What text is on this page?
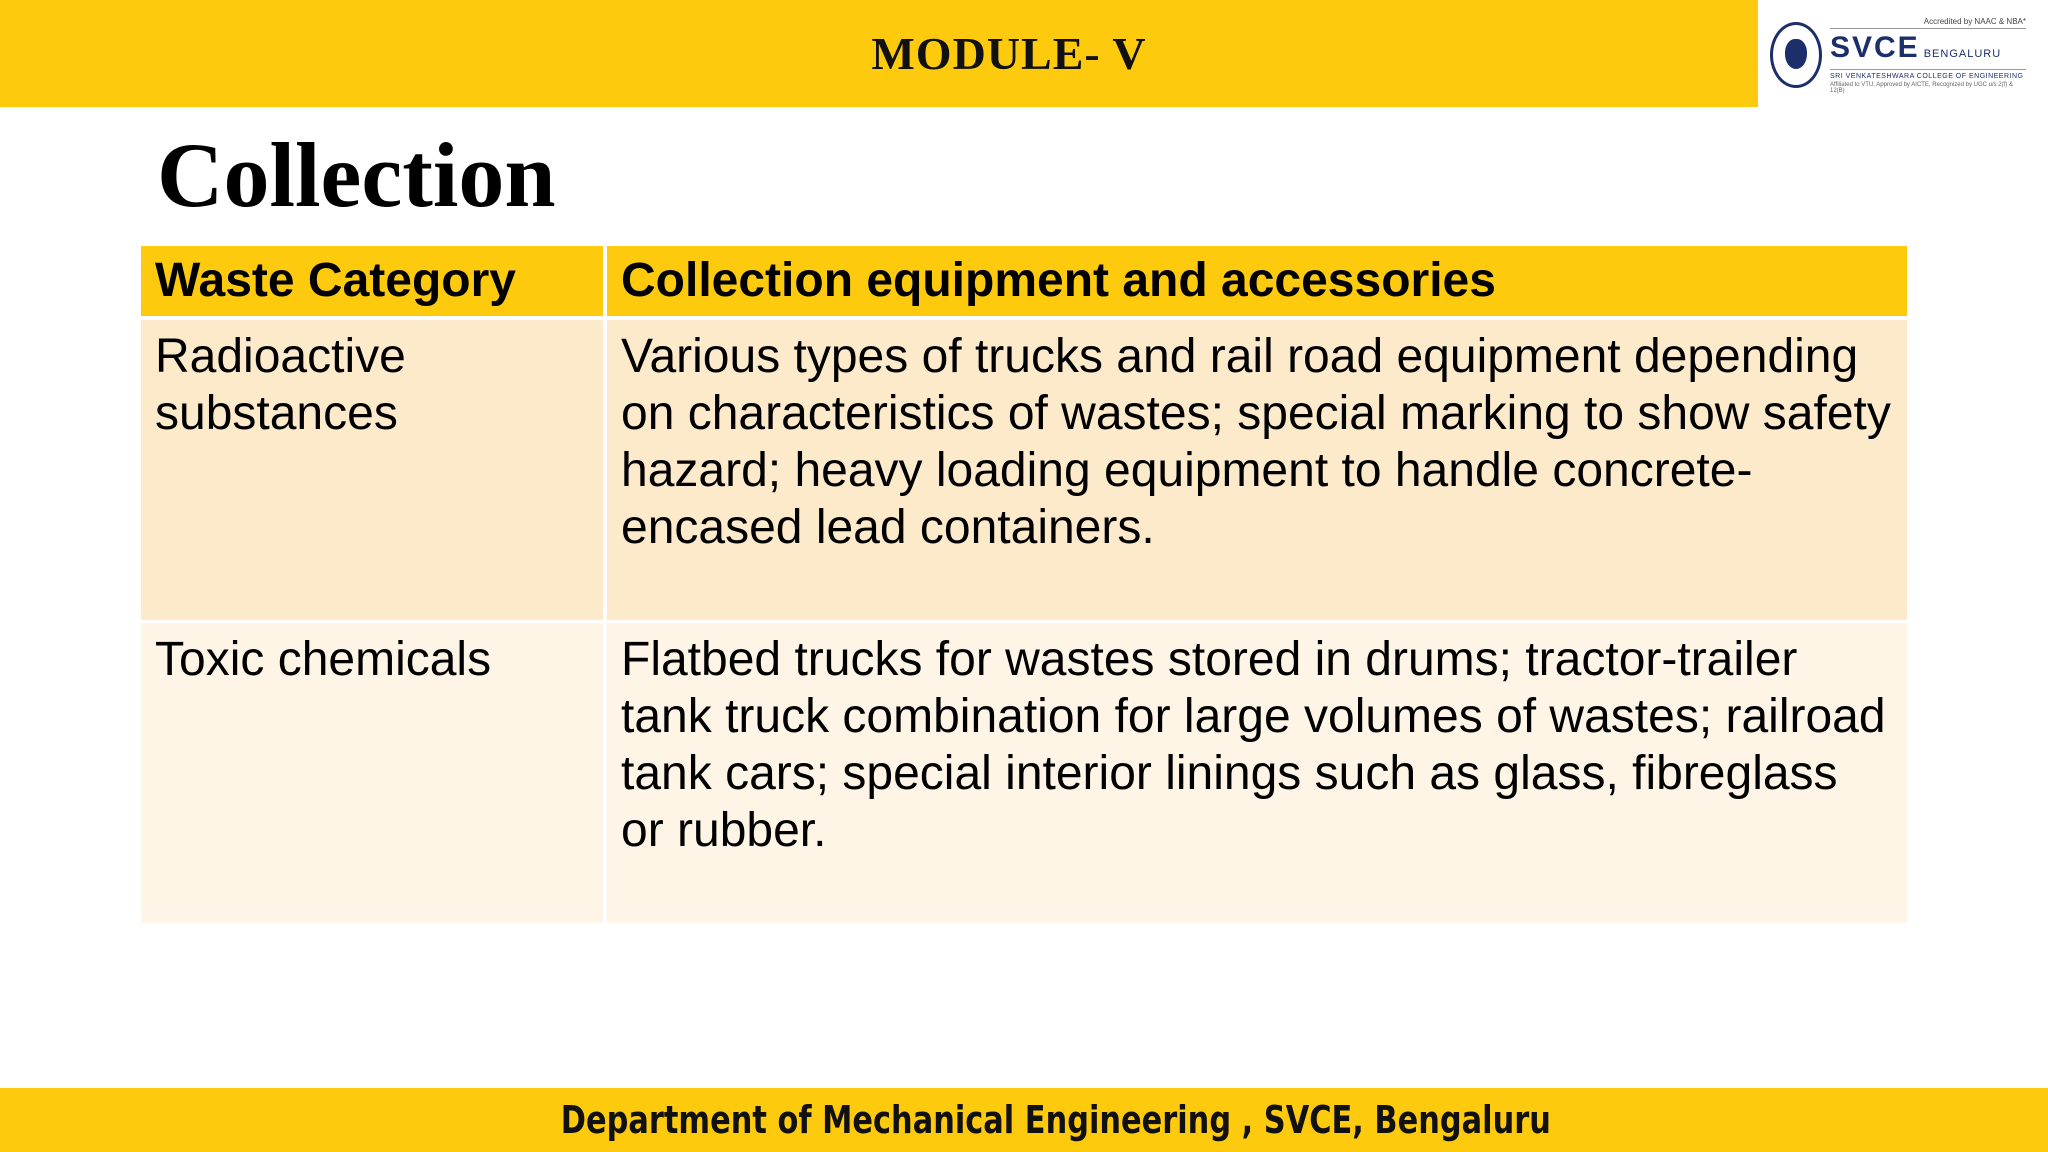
MODULE- V
Accredited by NAAC & NBA*
SVCE BENGALURU
SRI VENKATESHWARA COLLEGE OF ENGINEERING
Affiliated to VTU, Approved by AICTE, Recognized by UGC u/s 2(f) & 12(B)
Collection
Waste Category	Collection equipment and accessories
Radioactive substances	Various types of trucks and rail road equipment depending on characteristics of wastes; special marking to show safety hazard; heavy loading equipment to handle concrete-encased lead containers.
Toxic chemicals	Flatbed trucks for wastes stored in drums; tractor-trailer tank truck combination for large volumes of wastes; railroad tank cars; special interior linings such as glass, fibreglass or rubber.
Department of Mechanical Engineering , SVCE, Bengaluru
